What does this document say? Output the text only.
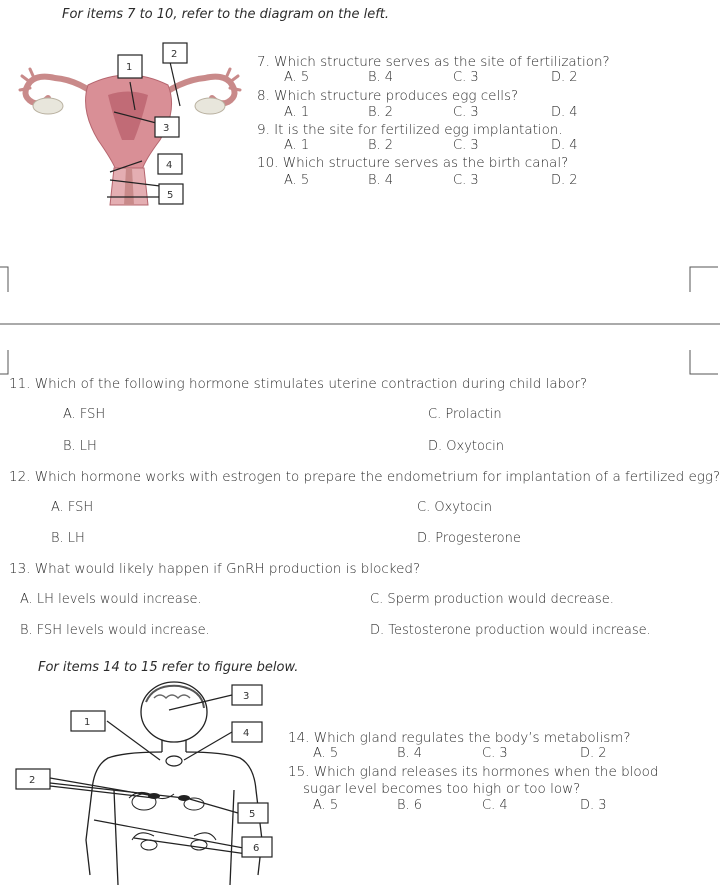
For items 7 to 10, refer to the diagram on the left.
1
2
3
4
5
7. Which structure serves as the site of fertilization?
A. 5	B. 4	C. 3	D. 2
8. Which structure produces egg cells?
A. 1	B. 2	C. 3	D. 4
9. It is the site for fertilized egg implantation.
A. 1	B. 2	C. 3	D. 4
10. Which structure serves as the birth canal?
A. 5	B. 4	C. 3	D. 2
11. Which of the following hormone stimulates uterine contraction during child labor?
A. FSH	C. Prolactin
B. LH	D. Oxytocin
12. Which hormone works with estrogen to prepare the endometrium for implantation of a fertilized egg?
A. FSH	C. Oxytocin
B. LH	D. Progesterone
13. What would likely happen if GnRH production is blocked?
A. LH levels would increase.	C. Sperm production would decrease.
B. FSH levels would increase.	D. Testosterone production would increase.
For items 14 to 15 refer to figure below.
1
2
3
4
5
6
14. Which gland regulates the body’s metabolism?
A. 5	B. 4	C. 3	D. 2
15. Which gland releases its hormones when the blood
sugar level becomes too high or too low?
A. 5	B. 6	C. 4	D. 3
